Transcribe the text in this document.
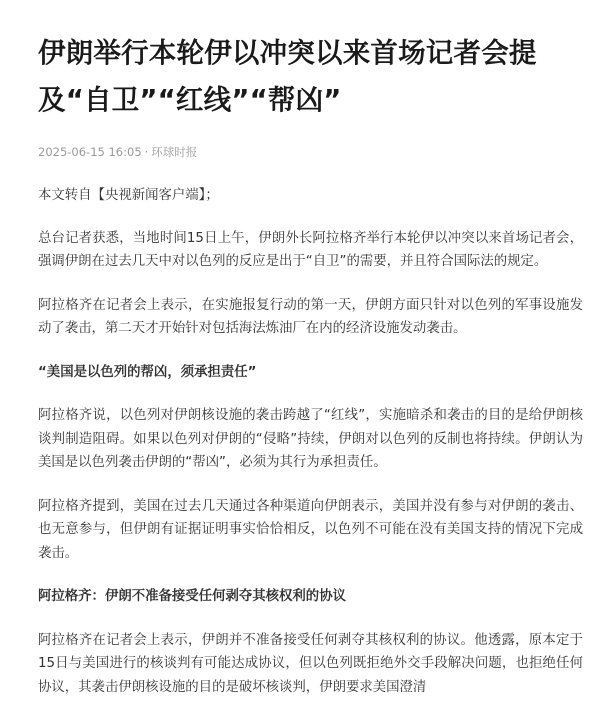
伊朗举行本轮伊以冲突以来首场记者会提及“自卫”“红线”“帮凶”
2025-06-15 16:05 · 环球时报

本文转自【央视新闻客户端】；

总台记者获悉，当地时间15日上午，伊朗外长阿拉格齐举行本轮伊以冲突以来首场记者会，强调伊朗在过去几天中对以色列的反应是出于“自卫”的需要，并且符合国际法的规定。

阿拉格齐在记者会上表示，在实施报复行动的第一天，伊朗方面只针对以色列的军事设施发动了袭击，第二天才开始针对包括海法炼油厂在内的经济设施发动袭击。

“美国是以色列的帮凶，须承担责任”

阿拉格齐说，以色列对伊朗核设施的袭击跨越了“红线”，实施暗杀和袭击的目的是给伊朗核谈判制造阻碍。如果以色列对伊朗的“侵略”持续，伊朗对以色列的反制也将持续。伊朗认为美国是以色列袭击伊朗的“帮凶”，必须为其行为承担责任。

阿拉格齐提到，美国在过去几天通过各种渠道向伊朗表示，美国并没有参与对伊朗的袭击、也无意参与，但伊朗有证据证明事实恰恰相反，以色列不可能在没有美国支持的情况下完成袭击。

阿拉格齐：伊朗不准备接受任何剥夺其核权利的协议

阿拉格齐在记者会上表示，伊朗并不准备接受任何剥夺其核权利的协议。他透露，原本定于15日与美国进行的核谈判有可能达成协议，但以色列既拒绝外交手段解决问题，也拒绝任何协议，其袭击伊朗核设施的目的是破坏核谈判，伊朗要求美国澄清
